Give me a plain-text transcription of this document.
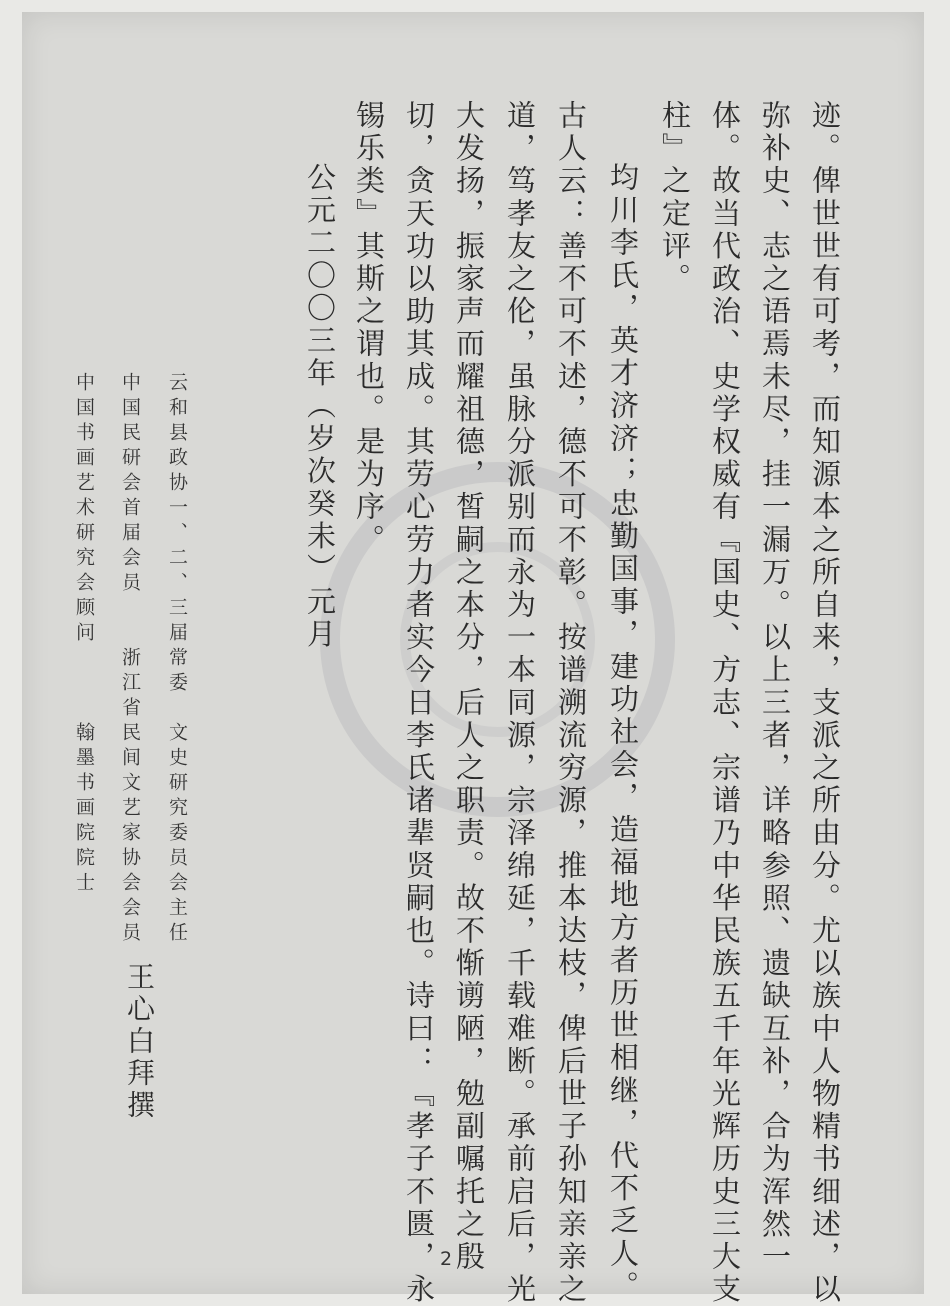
迹。俾世世有可考，而知源本之所自来，支派之所由分。尤以族中人物精书细述，以
弥补史、志之语焉未尽，挂一漏万。以上三者，详略参照、遗缺互补，合为浑然一
体。故当代政治、史学权威有『国史、方志、宗谱乃中华民族五千年光辉历史三大支
柱』之定评。
均川李氏，英才济济；忠勤国事，建功社会，造福地方者历世相继，代不乏人。
古人云：善不可不述，德不可不彰。按谱溯流穷源，推本达枝，俾后世子孙知亲亲之
道，笃孝友之伦，虽脉分派别而永为一本同源，宗泽绵延，千载难断。承前启后，光
大发扬，振家声而耀祖德，皙嗣之本分，后人之职责。故不惭谫陋，勉副嘱托之殷
切，贪天功以助其成。其劳心劳力者实今日李氏诸辈贤嗣也。诗曰：『孝子不匮，永
锡乐类』其斯之谓也。是为序。
公元二〇〇三年（岁次癸未）元月
云和县政协一、二、三届常委　文史研究委员会主任
中国民研会首届会员　　浙江省民间文艺家协会会员
中国书画艺术研究会顾问　　　翰墨书画院院士
王心白拜撰
2
